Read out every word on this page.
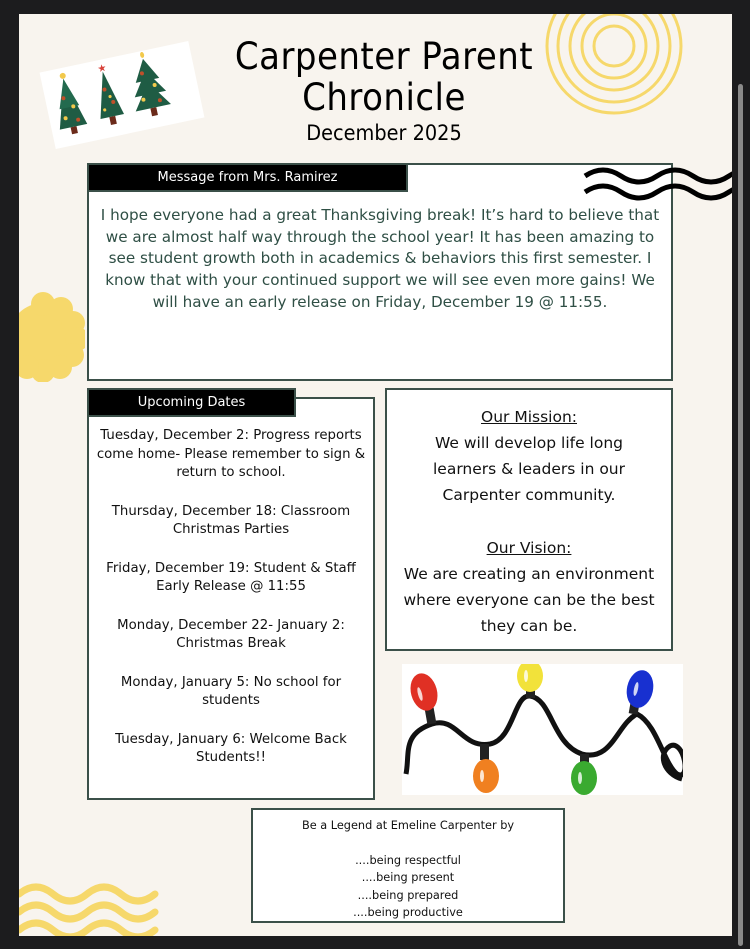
★	Carpenter Parent
Chronicle
December 2025
I hope everyone had a great Thanksgiving break! It’s hard to believe that we are almost half way through the school year! It has been amazing to see student growth both in academics & behaviors this first semester. I know that with your continued support we will see even more gains! We will have an early release on Friday, December 19 @ 11:55.
Message from Mrs. Ramirez
Tuesday, December 2: Progress reports come home- Please remember to sign & return to school.
Thursday, December 18: Classroom Christmas Parties
Friday, December 19: Student & Staff Early Release @ 11:55
Monday, December 22- January 2: Christmas Break
Monday, January 5: No school for students
Tuesday, January 6: Welcome Back Students!!
Upcoming Dates
Our Mission:
We will develop life long learners & leaders in our Carpenter community.
Our Vision:
We are creating an environment where everyone can be the best they can be.
Be a Legend at Emeline Carpenter by
....being respectful
....being present
....being prepared
....being productive
